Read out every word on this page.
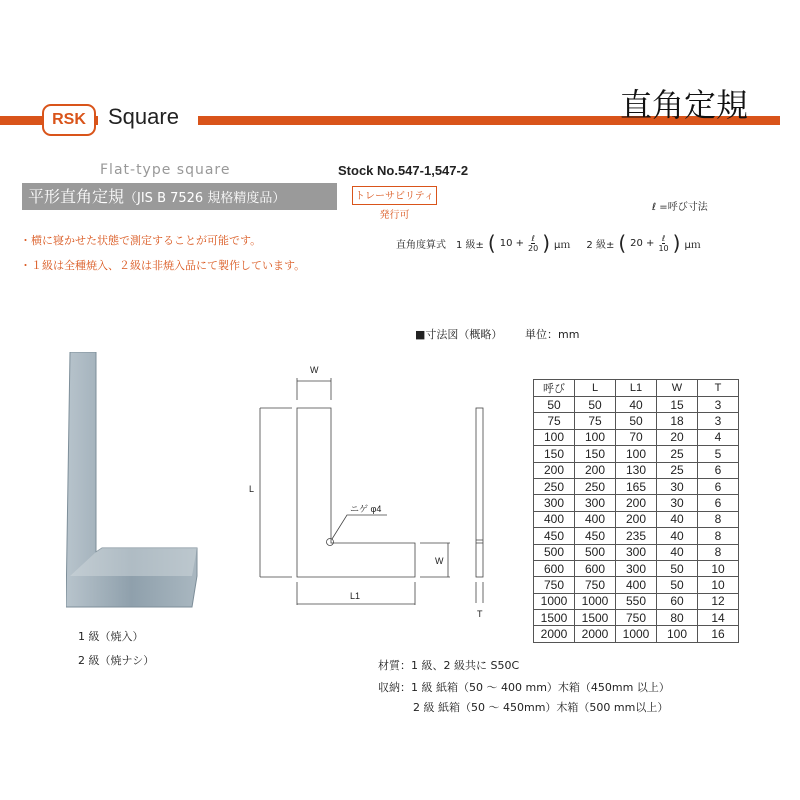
RSK	Square	直角定規
Flat-type square	Stock No.547-1,547-2
平形直角定規（JIS B 7526 規格精度品）	トレーサビリティ発行可
ℓ =呼び寸法
・横に寝かせた状態で測定することが可能です。
・１級は全種焼入、２級は非焼入品にて製作しています。
直角度算式 1 級± ( $10 + \frac{\text{ℓ}}{20}$ ) μｍ 2 級± ( $20 + \frac{\text{ℓ}}{10}$ ) μｍ
■寸法図（概略） 単位：mm
1 級（焼入）
2 級（焼ナシ）
W
L
W
L1
T
ニゲ φ4
呼び	L	L1	W	T
50	50	40	15	3
75	75	50	18	3
100	100	70	20	4
150	150	100	25	5
200	200	130	25	6
250	250	165	30	6
300	300	200	30	6
400	400	200	40	8
450	450	235	40	8
500	500	300	40	8
600	600	300	50	10
750	750	400	50	10
1000	1000	550	60	12
1500	1500	750	80	14
2000	2000	1000	100	16
材質：1 級、2 級共に S50C
収納：1 級 紙箱（50 ～ 400 mm）木箱（450mm 以上）
2 級 紙箱（50 ～ 450mm）木箱（500 mm以上）
